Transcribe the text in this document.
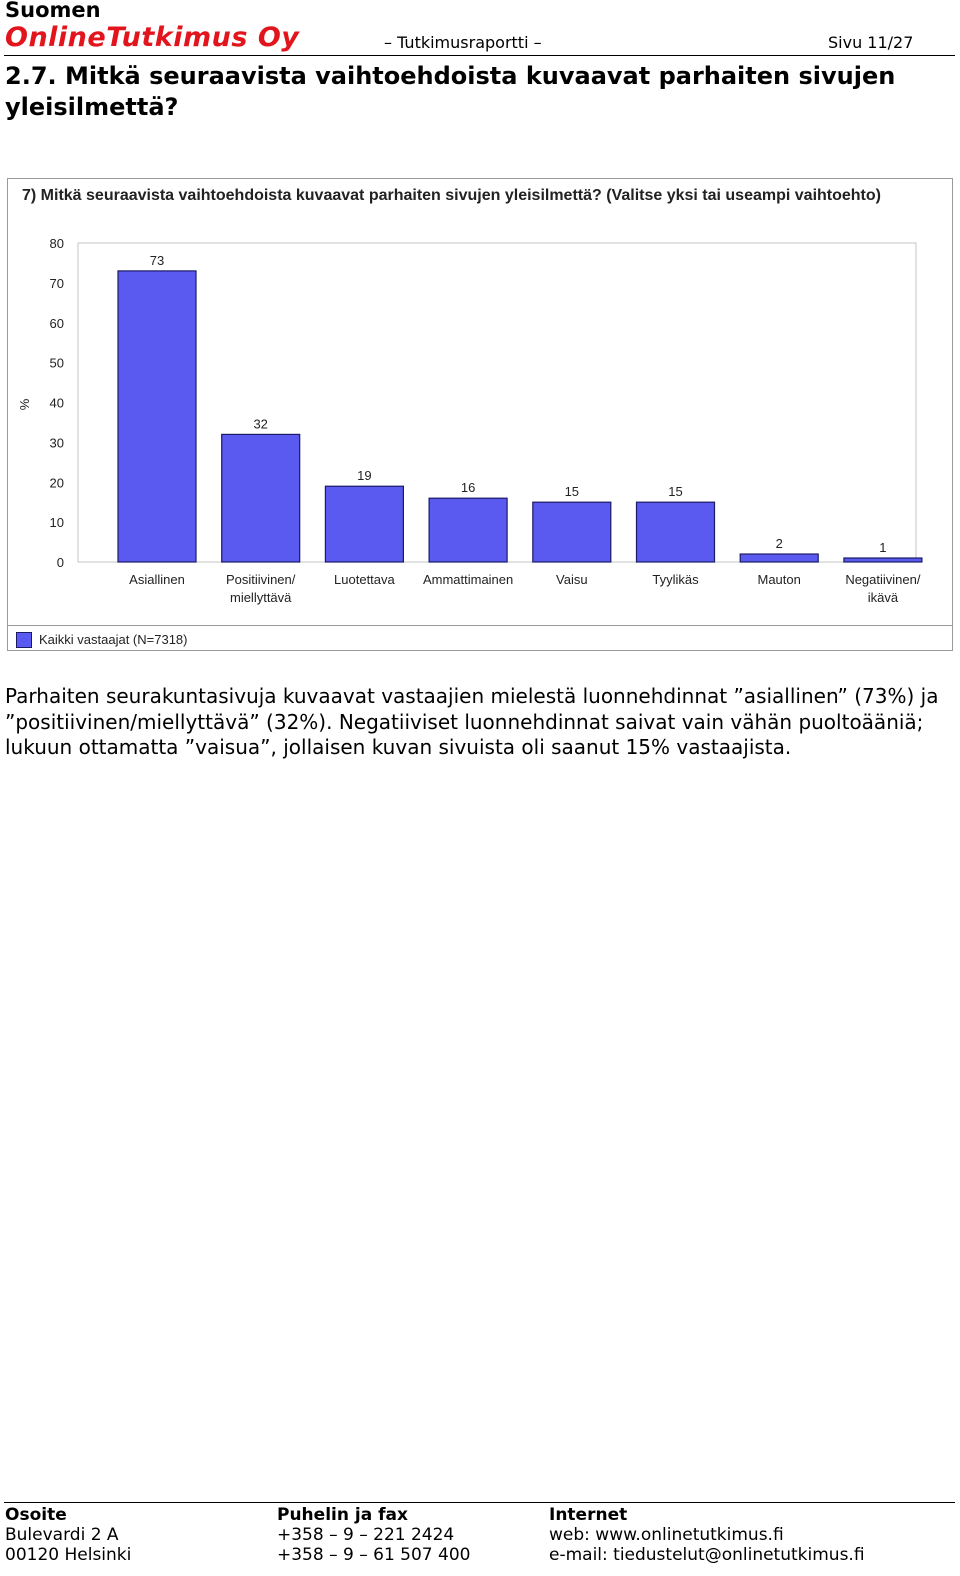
Suomen
OnlineTutkimus Oy	– Tutkimusraportti –	Sivu 11/27
2.7. Mitkä seuraavista vaihtoehdoista kuvaavat parhaiten sivujen yleisilmettä?
7) Mitkä seuraavista vaihtoehdoista kuvaavat parhaiten sivujen yleisilmettä? (Valitse yksi tai useampi vaihtoehto)
0
10
20
30
40
50
60
70
80
%
73
Asiallinen
32
Positiivinen/
miellyttävä
19
Luotettava
16
Ammattimainen
15
Vaisu
15
Tyylikäs
2
Mauton
1
Negatiivinen/
ikävä
Kaikki vastaajat (N=7318)
Parhaiten seurakuntasivuja kuvaavat vastaajien mielestä luonnehdinnat ”asiallinen” (73%) ja ”positiivinen/miellyttävä” (32%). Negatiiviset luonnehdinnat saivat vain vähän puoltoääniä; lukuun ottamatta ”vaisua”, jollaisen kuvan sivuista oli saanut 15% vastaajista.
Osoite
Bulevardi 2 A
00120 Helsinki
Puhelin ja fax
+358 – 9 – 221 2424
+358 – 9 – 61 507 400
Internet
web: www.onlinetutkimus.fi
e-mail: tiedustelut@onlinetutkimus.fi
